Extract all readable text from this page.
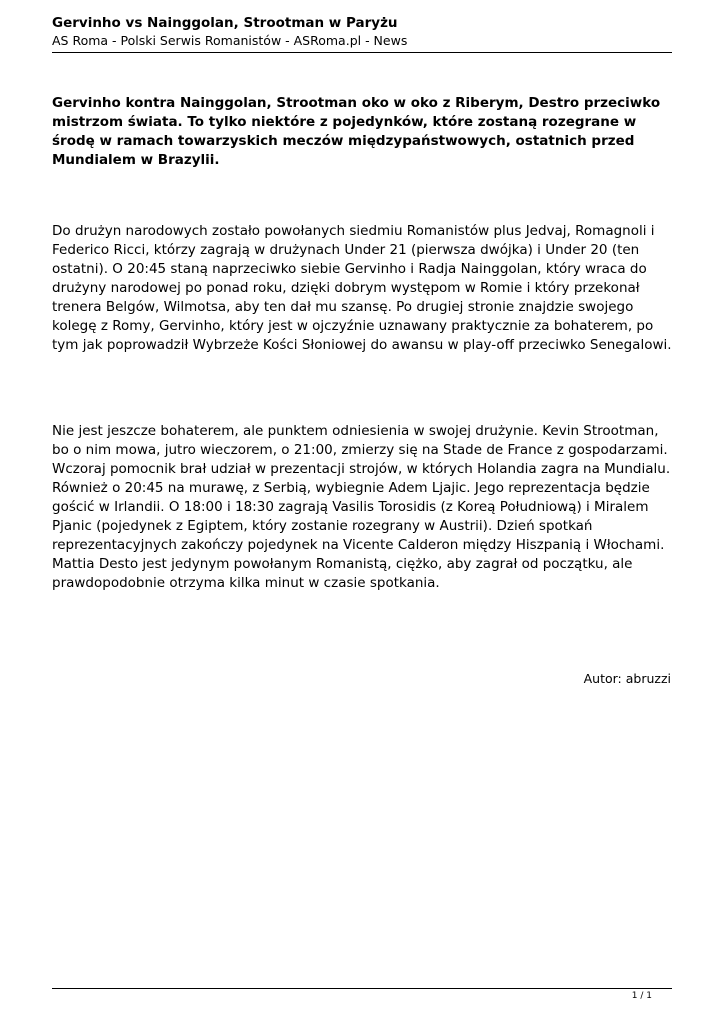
Gervinho vs Nainggolan, Strootman w Paryżu
AS Roma - Polski Serwis Romanistów - ASRoma.pl - News
Gervinho kontra Nainggolan, Strootman oko w oko z Riberym, Destro przeciwko mistrzom świata. To tylko niektóre z pojedynków, które zostaną rozegrane w środę w ramach towarzyskich meczów międzypaństwowych, ostatnich przed Mundialem w Brazylii.
Do drużyn narodowych zostało powołanych siedmiu Romanistów plus Jedvaj, Romagnoli i Federico Ricci, którzy zagrają w drużynach Under 21 (pierwsza dwójka) i Under 20 (ten ostatni). O 20:45 staną naprzeciwko siebie Gervinho i Radja Nainggolan, który wraca do drużyny narodowej po ponad roku, dzięki dobrym występom w Romie i który przekonał trenera Belgów, Wilmotsa, aby ten dał mu szansę. Po drugiej stronie znajdzie swojego kolegę z Romy, Gervinho, który jest w ojczyźnie uznawany praktycznie za bohaterem, po tym jak poprowadził Wybrzeże Kości Słoniowej do awansu w play-off przeciwko Senegalowi.
Nie jest jeszcze bohaterem, ale punktem odniesienia w swojej drużynie. Kevin Strootman, bo o nim mowa, jutro wieczorem, o 21:00, zmierzy się na Stade de France z gospodarzami. Wczoraj pomocnik brał udział w prezentacji strojów, w których Holandia zagra na Mundialu. Również o 20:45 na murawę, z Serbią, wybiegnie Adem Ljajic. Jego reprezentacja będzie gościć w Irlandii. O 18:00 i 18:30 zagrają Vasilis Torosidis (z Koreą Południową) i Miralem Pjanic (pojedynek z Egiptem, który zostanie rozegrany w Austrii). Dzień spotkań reprezentacyjnych zakończy pojedynek na Vicente Calderon między Hiszpanią i Włochami. Mattia Desto jest jedynym powołanym Romanistą, ciężko, aby zagrał od początku, ale prawdopodobnie otrzyma kilka minut w czasie spotkania.
Autor: abruzzi
1 / 1
